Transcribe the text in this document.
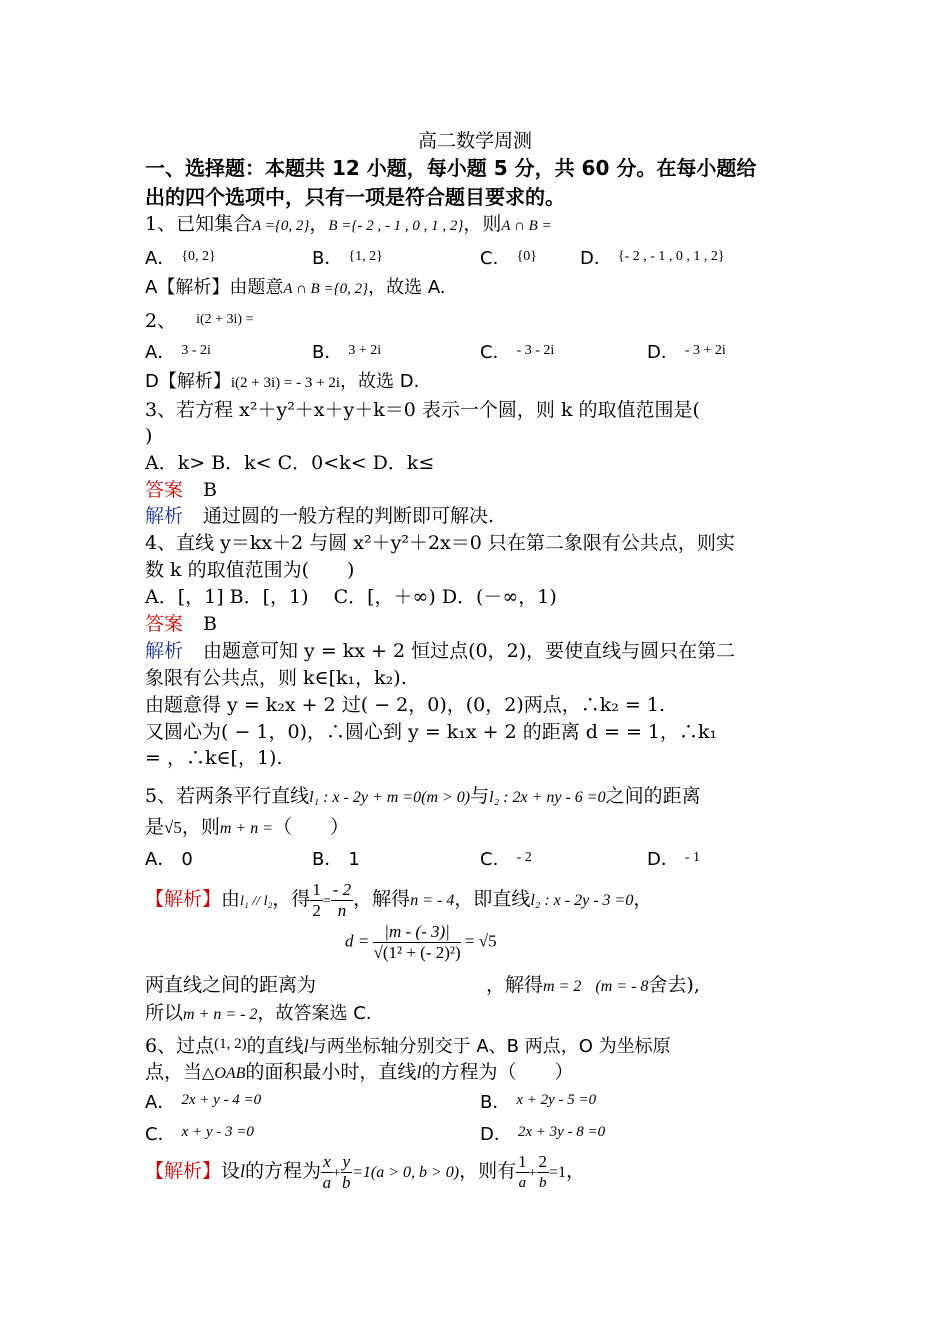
高二数学周测
一、选择题：本题共 12 小题，每小题 5 分，共 60 分。在每小题给
出的四个选项中，只有一项是符合题目要求的。
1、已知集合A ={0, 2}，B ={- 2 , - 1 , 0 , 1 , 2}，则A ∩ B =
A． $^{\{0, 2\}}$	B． $^{\{1, 2\}}$	C． $^{\{0\}}$ D． $^{\{- 2 , - 1 , 0 , 1 , 2\}}$
A【解析】由题意A ∩ B ={0, 2}，故选 A.
2、 $^{i(2 + 3i) =}$
A． $^{3 - 2i}$	B． $^{3 + 2i}$	C． $^{- 3 - 2i}$	D． $^{- 3 + 2i}$
D【解析】i(2 + 3i) = - 3 + 2i，故选 D.
3、若方程 x²＋y²＋x＋y＋k＝0 表示一个圆，则 k 的取值范围是(
)
A．k> B．k< C．0<k< D．k≤
答案 B
解析 通过圆的一般方程的判断即可解决.
4、直线 y＝kx＋2 与圆 x²＋y²＋2x＝0 只在第二象限有公共点，则实
数 k 的取值范围为(　　)
A．[，1] B．[，1)　 C．[，＋∞) D．(－∞，1)
答案 B
解析 由题意可知 y = kx + 2 恒过点(0，2)，要使直线与圆只在第二
象限有公共点，则 k∈[k₁，k₂).
由题意得 y = k₂x + 2 过( − 2，0)，(0，2)两点，∴k₂ = 1.
又圆心为( − 1，0)，∴圆心到 y = k₁x + 2 的距离 d = = 1，∴k₁
= ，∴k∈[，1).
5、若两条平行直线l₁ : x - 2y + m =0(m > 0)与l₂ : 2x + ny - 6 =0之间的距离
是√5，则m + n =（　　）
A． 0	B． 1	C． $^{- 2}$	D． $^{- 1}$
【解析】由l₁ // l₂，得 $\frac{1}{2} = \frac{- 2}{n}$ ，解得n = - 4，即直线l₂ : x - 2y - 3 =0，
$d = \frac{|m - (- 3)|}{\text{√(1² + (- 2)²)}} = √5$
两直线之间的距离为	，解得m = 2 (m = - 8舍去),
所以m + n = - 2，故答案选 C.
6、过点$^{(1, 2)}$的直线l与两坐标轴分别交于 A、B 两点，O 为坐标原
点，当△OAB的面积最小时，直线l的方程为（　　）
A． $^{2x + y - 4 =0}$	B． $^{x + 2y - 5 =0}$
C． $^{x + y - 3 =0}$	D． $^{2x + 3y - 8 =0}$
【解析】设l的方程为 $\frac{x}{a} + \frac{y}{b} =1(a > 0$, b > 0)，则有 $\frac{1}{a} + \frac{2}{b} =1$，
